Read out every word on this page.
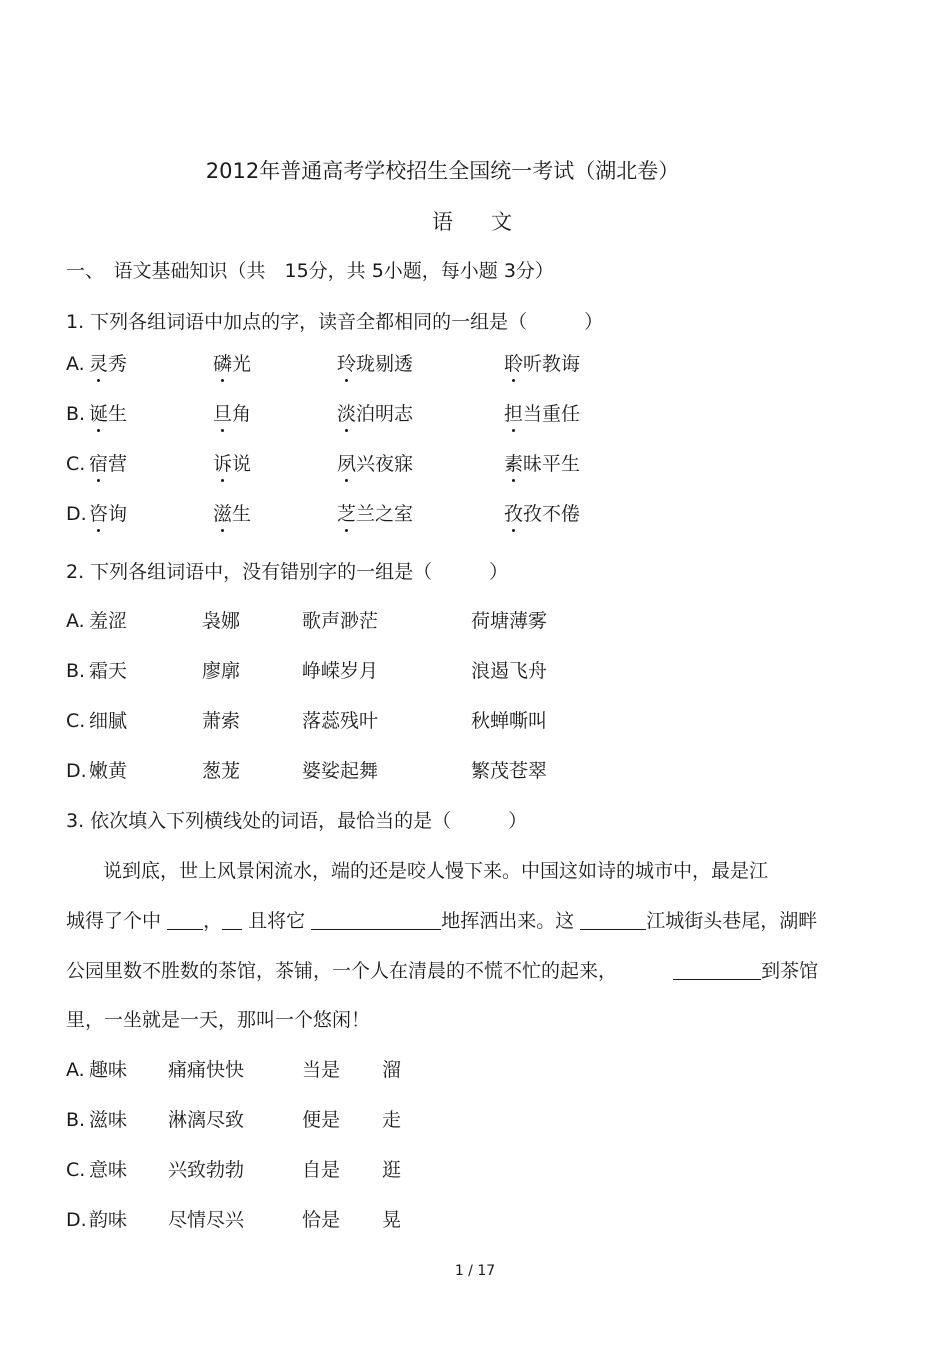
2012年普通高考学校招生全国统一考试（湖北卷）
语文
一、　语文基础知识（共　15分，共 5小题，每小题 3分）
1. 下列各组词语中加点的字，读音全都相同的一组是（　　　）
A. 灵秀	磷光	玲珑剔透	聆听教诲
B. 诞生	旦角	淡泊明志	担当重任
C. 宿营	诉说	夙兴夜寐	素昧平生
D. 咨询	滋生	芝兰之室	孜孜不倦
2. 下列各组词语中，没有错别字的一组是（　　　）
A. 羞涩	袅娜	歌声渺茫	荷塘薄雾
B. 霜天	廖廓	峥嵘岁月	浪遏飞舟
C. 细腻	萧索	落蕊残叶	秋蝉嘶叫
D. 嫩黄	葱茏	婆娑起舞	繁茂苍翠
3. 依次填入下列横线处的词语，最恰当的是（　　　）
说到底，世上风景闲流水，端的还是咬人慢下来。中国这如诗的城市中，最是江
城得了个中 ， 且将它	地挥洒出来。这	江城街头巷尾，湖畔
公园里数不胜数的茶馆，茶铺，一个人在清晨的不慌不忙的起来，	到茶馆
里，一坐就是一天，那叫一个悠闲！
A. 趣味 痛痛快快	当是 溜
B. 滋味 淋漓尽致	便是 走
C. 意味 兴致勃勃	自是 逛
D. 韵味 尽情尽兴	恰是 晃
1 / 17
